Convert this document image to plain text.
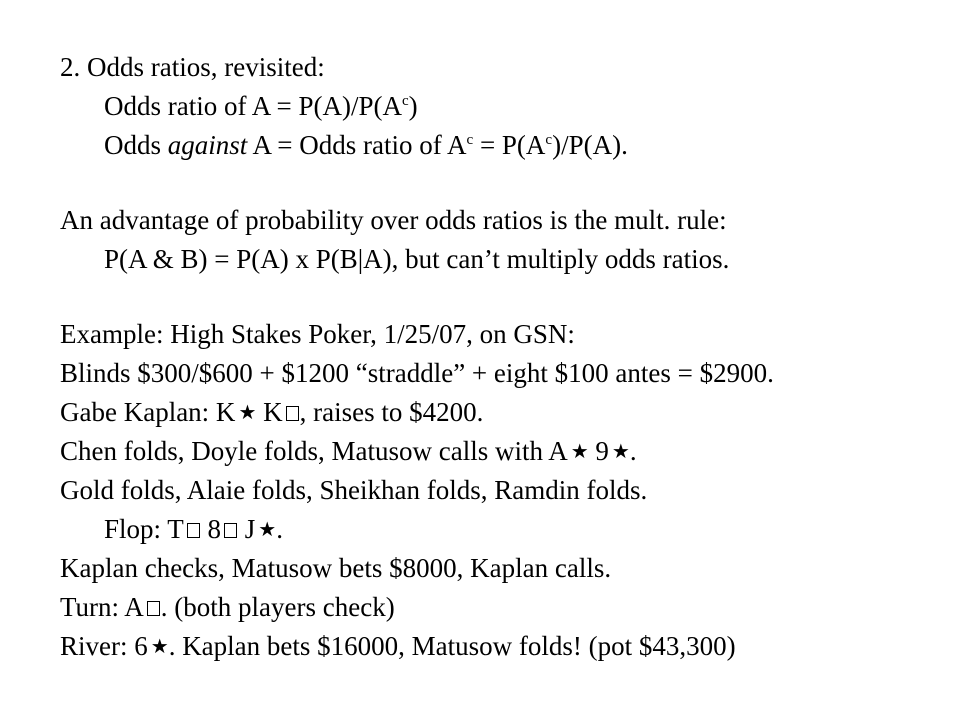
2. Odds ratios, revisited:
Odds ratio of $A = P(A)/P(A^c)$
Odds against A = Odds ratio of $A^c = P(A^c)/P(A)$.
An advantage of probability over odds ratios is the mult. rule:
P(A & B) = P(A) x P(B|A), but can’t multiply odds ratios.
Example: High Stakes Poker, 1/25/07, on GSN:
Blinds $300/$600 + $1200 “straddle” + eight $100 antes = $2900.
Gabe Kaplan: K ★ K , raises to $4200.
Chen folds, Doyle folds, Matusow calls with A ★ 9 ★.
Gold folds, Alaie folds, Sheikhan folds, Ramdin folds.
Flop: T 8 J ★.
Kaplan checks, Matusow bets $8000, Kaplan calls.
Turn: A . (both players check)
River: 6 ★. Kaplan bets $16000, Matusow folds! (pot $43,300)
